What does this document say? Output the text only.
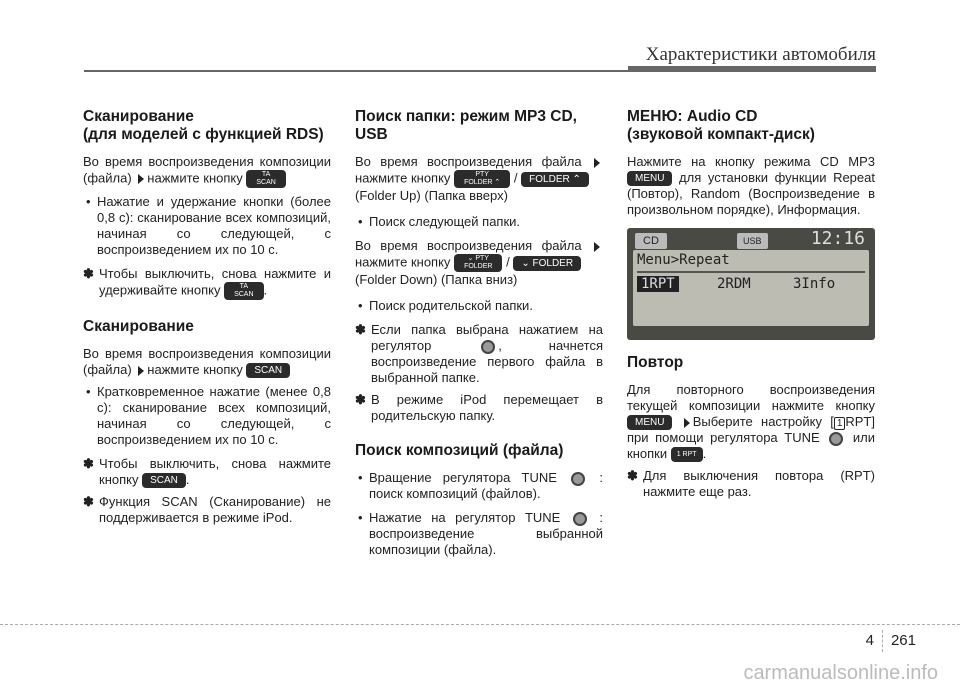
Характеристики автомобиля
Сканирование
(для моделей с функцией RDS)

Во время воспроизведения композиции (файла) нажмите кнопку	TA
SCAN

• Нажатие и удержание кнопки (более 0,8 с): сканирование всех композиций, начиная со следующей, с воспроизведением их по 10 с.
✽ Чтобы выключить, снова нажмите и удерживайте кнопку	TA
SCAN .
Сканирование

Во время воспроизведения композиции (файла) нажмите кнопку SCAN

• Кратковременное нажатие (менее 0,8 с): сканирование всех композиций, начиная со следующей, с воспроизведением их по 10 с.
✽ Чтобы выключить, снова нажмите кнопку SCAN .
✽ Функция SCAN (Сканирование) не поддерживается в режиме iPod.
Поиск папки: режим MP3 CD, USB

Во время воспроизведения файла  нажмите кнопку	PTY
FOLDER ⌃ / FOLDER ⌃
(Folder Up) (Папка вверх)

• Поиск следующей папки.

Во время воспроизведения файла  нажмите кнопку ⌄ PTY
FOLDER / ⌄ FOLDER
(Folder Down) (Папка вниз)

• Поиск родительской папки.
✽ Если папка выбрана нажатием на регулятор	, начнется воспроизведение первого файла в выбранной папке.
✽ В режиме iPod перемещает в родительскую папку.
Поиск композиций (файла)
• Вращение регулятора TUNE	: поиск композиций (файлов).
• Нажатие на регулятор TUNE	: воспроизведение выбранной композиции (файла).
МЕНЮ: Audio CD
(звуковой компакт-диск)

Нажмите на кнопку режима CD MP3 MENU для установки функции Repeat (Повтор), Random (Воспроизведение в произвольном порядке), Информация.

CD	USB	12:16
Menu>Repeat
1RPT	2RDM	3Info
Повтор

Для повторного воспроизведения текущей композиции нажмите кнопку MENU Выберите настройку [ 1 RPT] при помощи регулятора TUNE	или кнопки 1 RPT .

✽ Для выключения повтора (RPT) нажмите еще раз.
4 261
carmanualsonline.info
